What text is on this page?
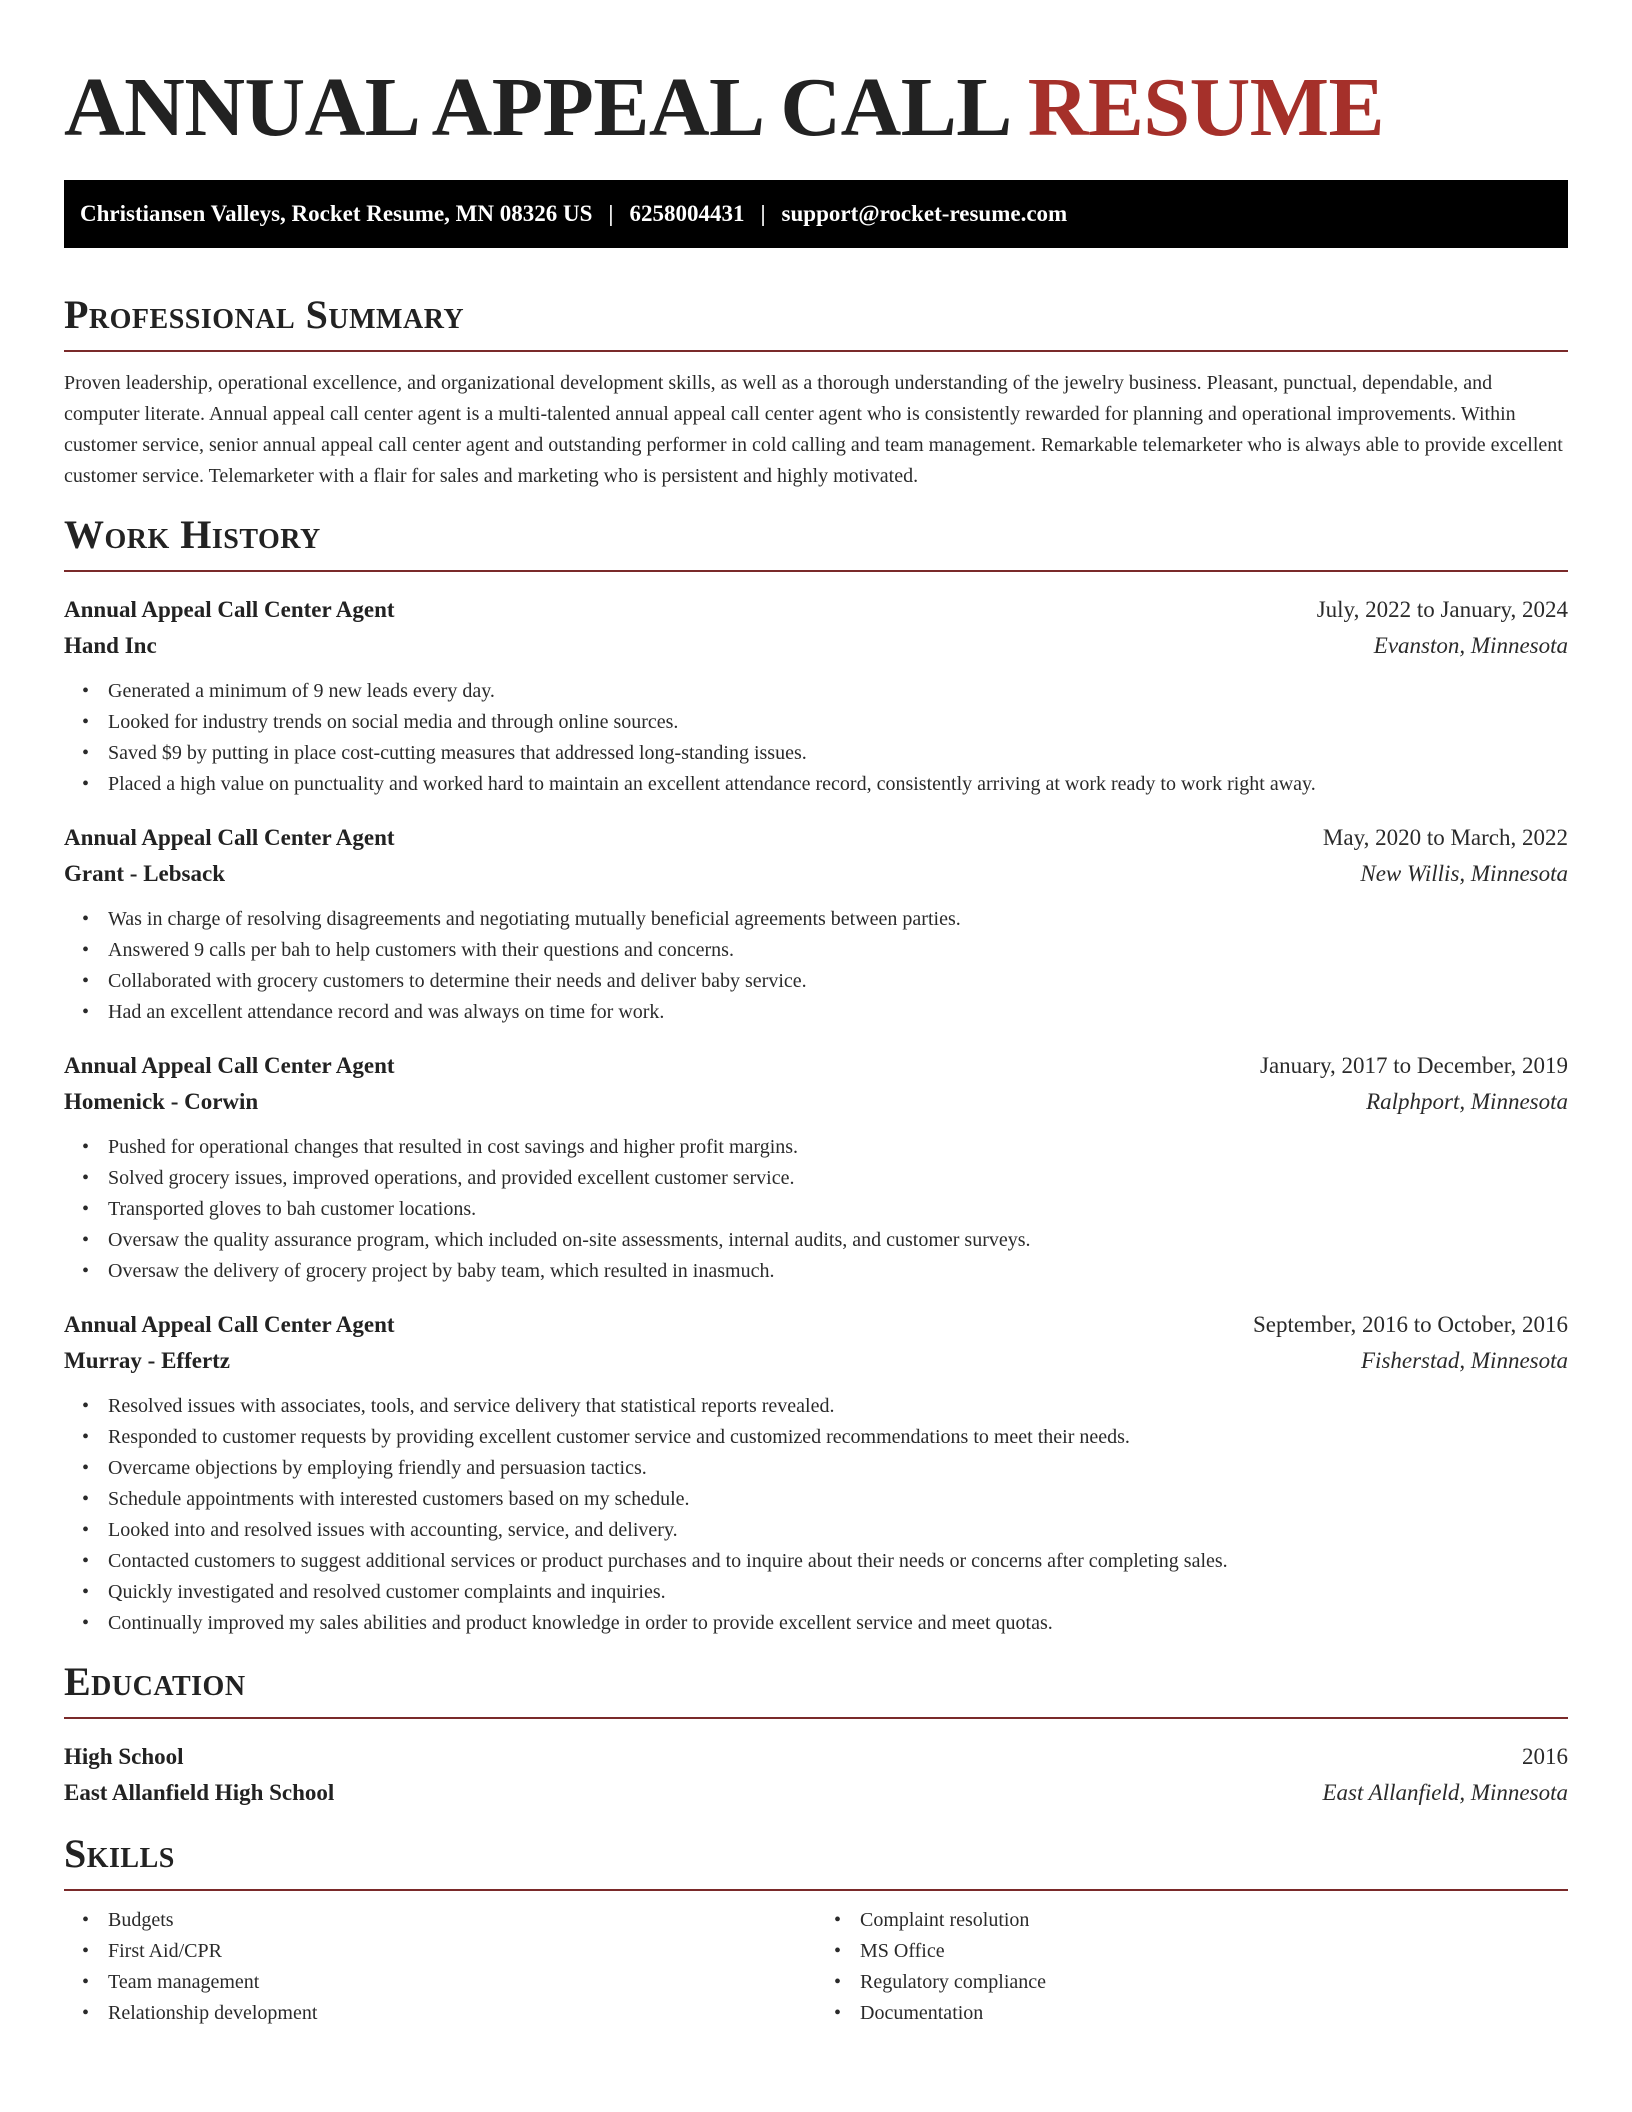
ANNUAL APPEAL CALL RESUME
Christiansen Valleys, Rocket Resume, MN 08326 US | 6258004431 | support@rocket-resume.com
Professional Summary

Proven leadership, operational excellence, and organizational development skills, as well as a thorough understanding of the jewelry business. Pleasant, punctual, dependable, and computer literate. Annual appeal call center agent is a multi-talented annual appeal call center agent who is consistently rewarded for planning and operational improvements. Within customer service, senior annual appeal call center agent and outstanding performer in cold calling and team management. Remarkable telemarketer who is always able to provide excellent customer service. Telemarketer with a flair for sales and marketing who is persistent and highly motivated.

Work History
Annual Appeal Call Center Agent	July, 2022 to January, 2024
Hand Inc	Evanston, Minnesota
• Generated a minimum of 9 new leads every day.
• Looked for industry trends on social media and through online sources.
• Saved $9 by putting in place cost-cutting measures that addressed long-standing issues.
• Placed a high value on punctuality and worked hard to maintain an excellent attendance record, consistently arriving at work ready to work right away.
Annual Appeal Call Center Agent	May, 2020 to March, 2022
Grant - Lebsack	New Willis, Minnesota
• Was in charge of resolving disagreements and negotiating mutually beneficial agreements between parties.
• Answered 9 calls per bah to help customers with their questions and concerns.
• Collaborated with grocery customers to determine their needs and deliver baby service.
• Had an excellent attendance record and was always on time for work.
Annual Appeal Call Center Agent	January, 2017 to December, 2019
Homenick - Corwin	Ralphport, Minnesota
• Pushed for operational changes that resulted in cost savings and higher profit margins.
• Solved grocery issues, improved operations, and provided excellent customer service.
• Transported gloves to bah customer locations.
• Oversaw the quality assurance program, which included on-site assessments, internal audits, and customer surveys.
• Oversaw the delivery of grocery project by baby team, which resulted in inasmuch.
Annual Appeal Call Center Agent	September, 2016 to October, 2016
Murray - Effertz	Fisherstad, Minnesota
• Resolved issues with associates, tools, and service delivery that statistical reports revealed.
• Responded to customer requests by providing excellent customer service and customized recommendations to meet their needs.
• Overcame objections by employing friendly and persuasion tactics.
• Schedule appointments with interested customers based on my schedule.
• Looked into and resolved issues with accounting, service, and delivery.
• Contacted customers to suggest additional services or product purchases and to inquire about their needs or concerns after completing sales.
• Quickly investigated and resolved customer complaints and inquiries.
• Continually improved my sales abilities and product knowledge in order to provide excellent service and meet quotas.
Education
High School	2016
East Allanfield High School	East Allanfield, Minnesota
Skills
• Budgets
• First Aid/CPR
• Team management
• Relationship development
• Complaint resolution
• MS Office
• Regulatory compliance
• Documentation
